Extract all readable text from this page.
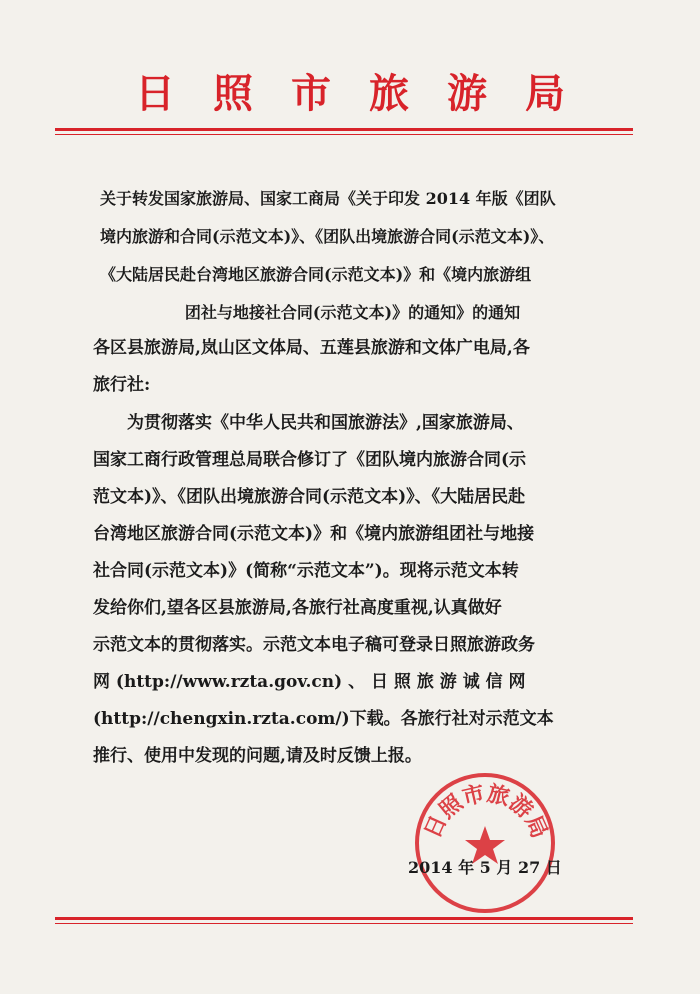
日照市旅游局
关于转发国家旅游局、国家工商局《关于印发 2014 年版《团队
境内旅游和合同(示范文本)》、《团队出境旅游合同(示范文本)》、
《大陆居民赴台湾地区旅游合同(示范文本)》和《境内旅游组
团社与地接社合同(示范文本)》的通知》的通知
各区县旅游局,岚山区文体局、五莲县旅游和文体广电局,各
旅行社:
为贯彻落实《中华人民共和国旅游法》,国家旅游局、
国家工商行政管理总局联合修订了《团队境内旅游合同(示
范文本)》、《团队出境旅游合同(示范文本)》、《大陆居民赴
台湾地区旅游合同(示范文本)》和《境内旅游组团社与地接
社合同(示范文本)》(简称“示范文本”)。现将示范文本转
发给你们,望各区县旅游局,各旅行社高度重视,认真做好
示范文本的贯彻落实。示范文本电子稿可登录日照旅游政务
网 (http://www.rzta.gov.cn) 、 日 照 旅 游 诚 信 网
(http://chengxin.rzta.com/)下载。各旅行社对示范文本
推行、使用中发现的问题,请及时反馈上报。
日照市旅游局
2014 年 5 月 27 日
